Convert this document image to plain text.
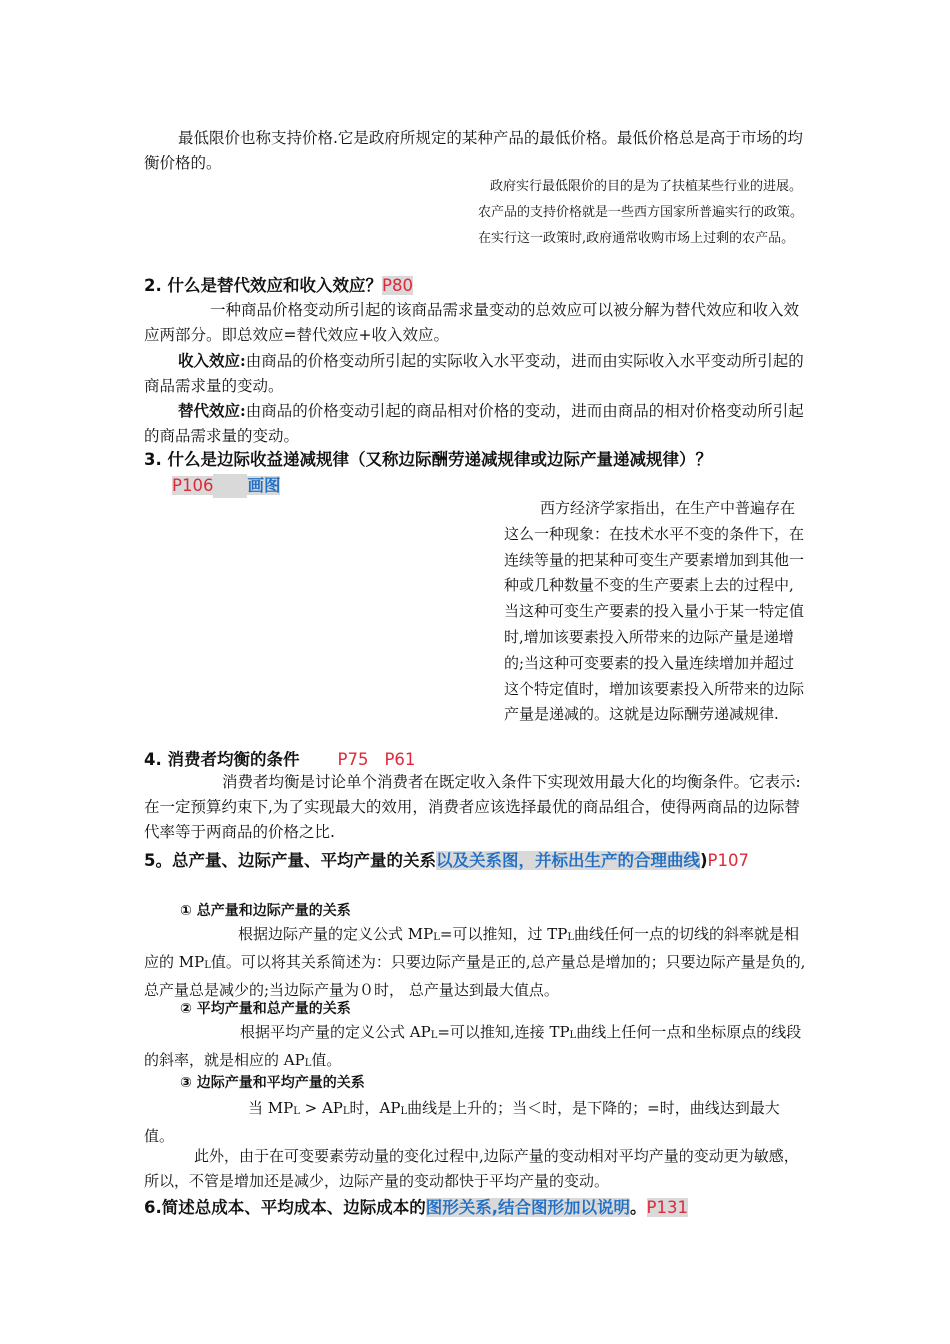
最低限价也称支持价格.它是政府所规定的某种产品的最低价格。最低价格总是高于市场的均衡价格的。
政府实行最低限价的目的是为了扶植某些行业的进展。农产品的支持价格就是一些西方国家所普遍实行的政策。在实行这一政策时,政府通常收购市场上过剩的农产品。
2. 什么是替代效应和收入效应？P80
一种商品价格变动所引起的该商品需求量变动的总效应可以被分解为替代效应和收入效应两部分。即总效应=替代效应+收入效应。
收入效应:由商品的价格变动所引起的实际收入水平变动，进而由实际收入水平变动所引起的商品需求量的变动。
替代效应:由商品的价格变动引起的商品相对价格的变动，进而由商品的相对价格变动所引起的商品需求量的变动。
3. 什么是边际收益递减规律（又称边际酬劳递减规律或边际产量递减规律）？
P106 画图
西方经济学家指出，在生产中普遍存在这么一种现象：在技术水平不变的条件下，在连续等量的把某种可变生产要素增加到其他一种或几种数量不变的生产要素上去的过程中,当这种可变生产要素的投入量小于某一特定值时,增加该要素投入所带来的边际产量是递增的;当这种可变要素的投入量连续增加并超过这个特定值时，增加该要素投入所带来的边际产量是递减的。这就是边际酬劳递减规律.
4. 消费者均衡的条件 P75 P61
消费者均衡是讨论单个消费者在既定收入条件下实现效用最大化的均衡条件。它表示:在一定预算约束下,为了实现最大的效用，消费者应该选择最优的商品组合，使得两商品的边际替代率等于两商品的价格之比.
5。总产量、边际产量、平均产量的关系以及关系图，并标出生产的合理曲线)P107
① 总产量和边际产量的关系
根据边际产量的定义公式 $MP_L=$可以推知，过 $TP_L$曲线任何一点的切线的斜率就是相应的 $MP_L$值。可以将其关系简述为：只要边际产量是正的,总产量总是增加的；只要边际产量是负的,总产量总是减少的;当边际产量为０时， 总产量达到最大值点。
② 平均产量和总产量的关系
根据平均产量的定义公式 $AP_L=$可以推知,连接 $TP_L$曲线上任何一点和坐标原点的线段的斜率，就是相应的 $AP_L$值。
③ 边际产量和平均产量的关系
当 $MP_L > AP_L$时，$AP_L$曲线是上升的；当＜时，是下降的；=时，曲线达到最大值。
此外，由于在可变要素劳动量的变化过程中,边际产量的变动相对平均产量的变动更为敏感，所以，不管是增加还是减少，边际产量的变动都快于平均产量的变动。
6.简述总成本、平均成本、边际成本的图形关系,结合图形加以说明。P131
